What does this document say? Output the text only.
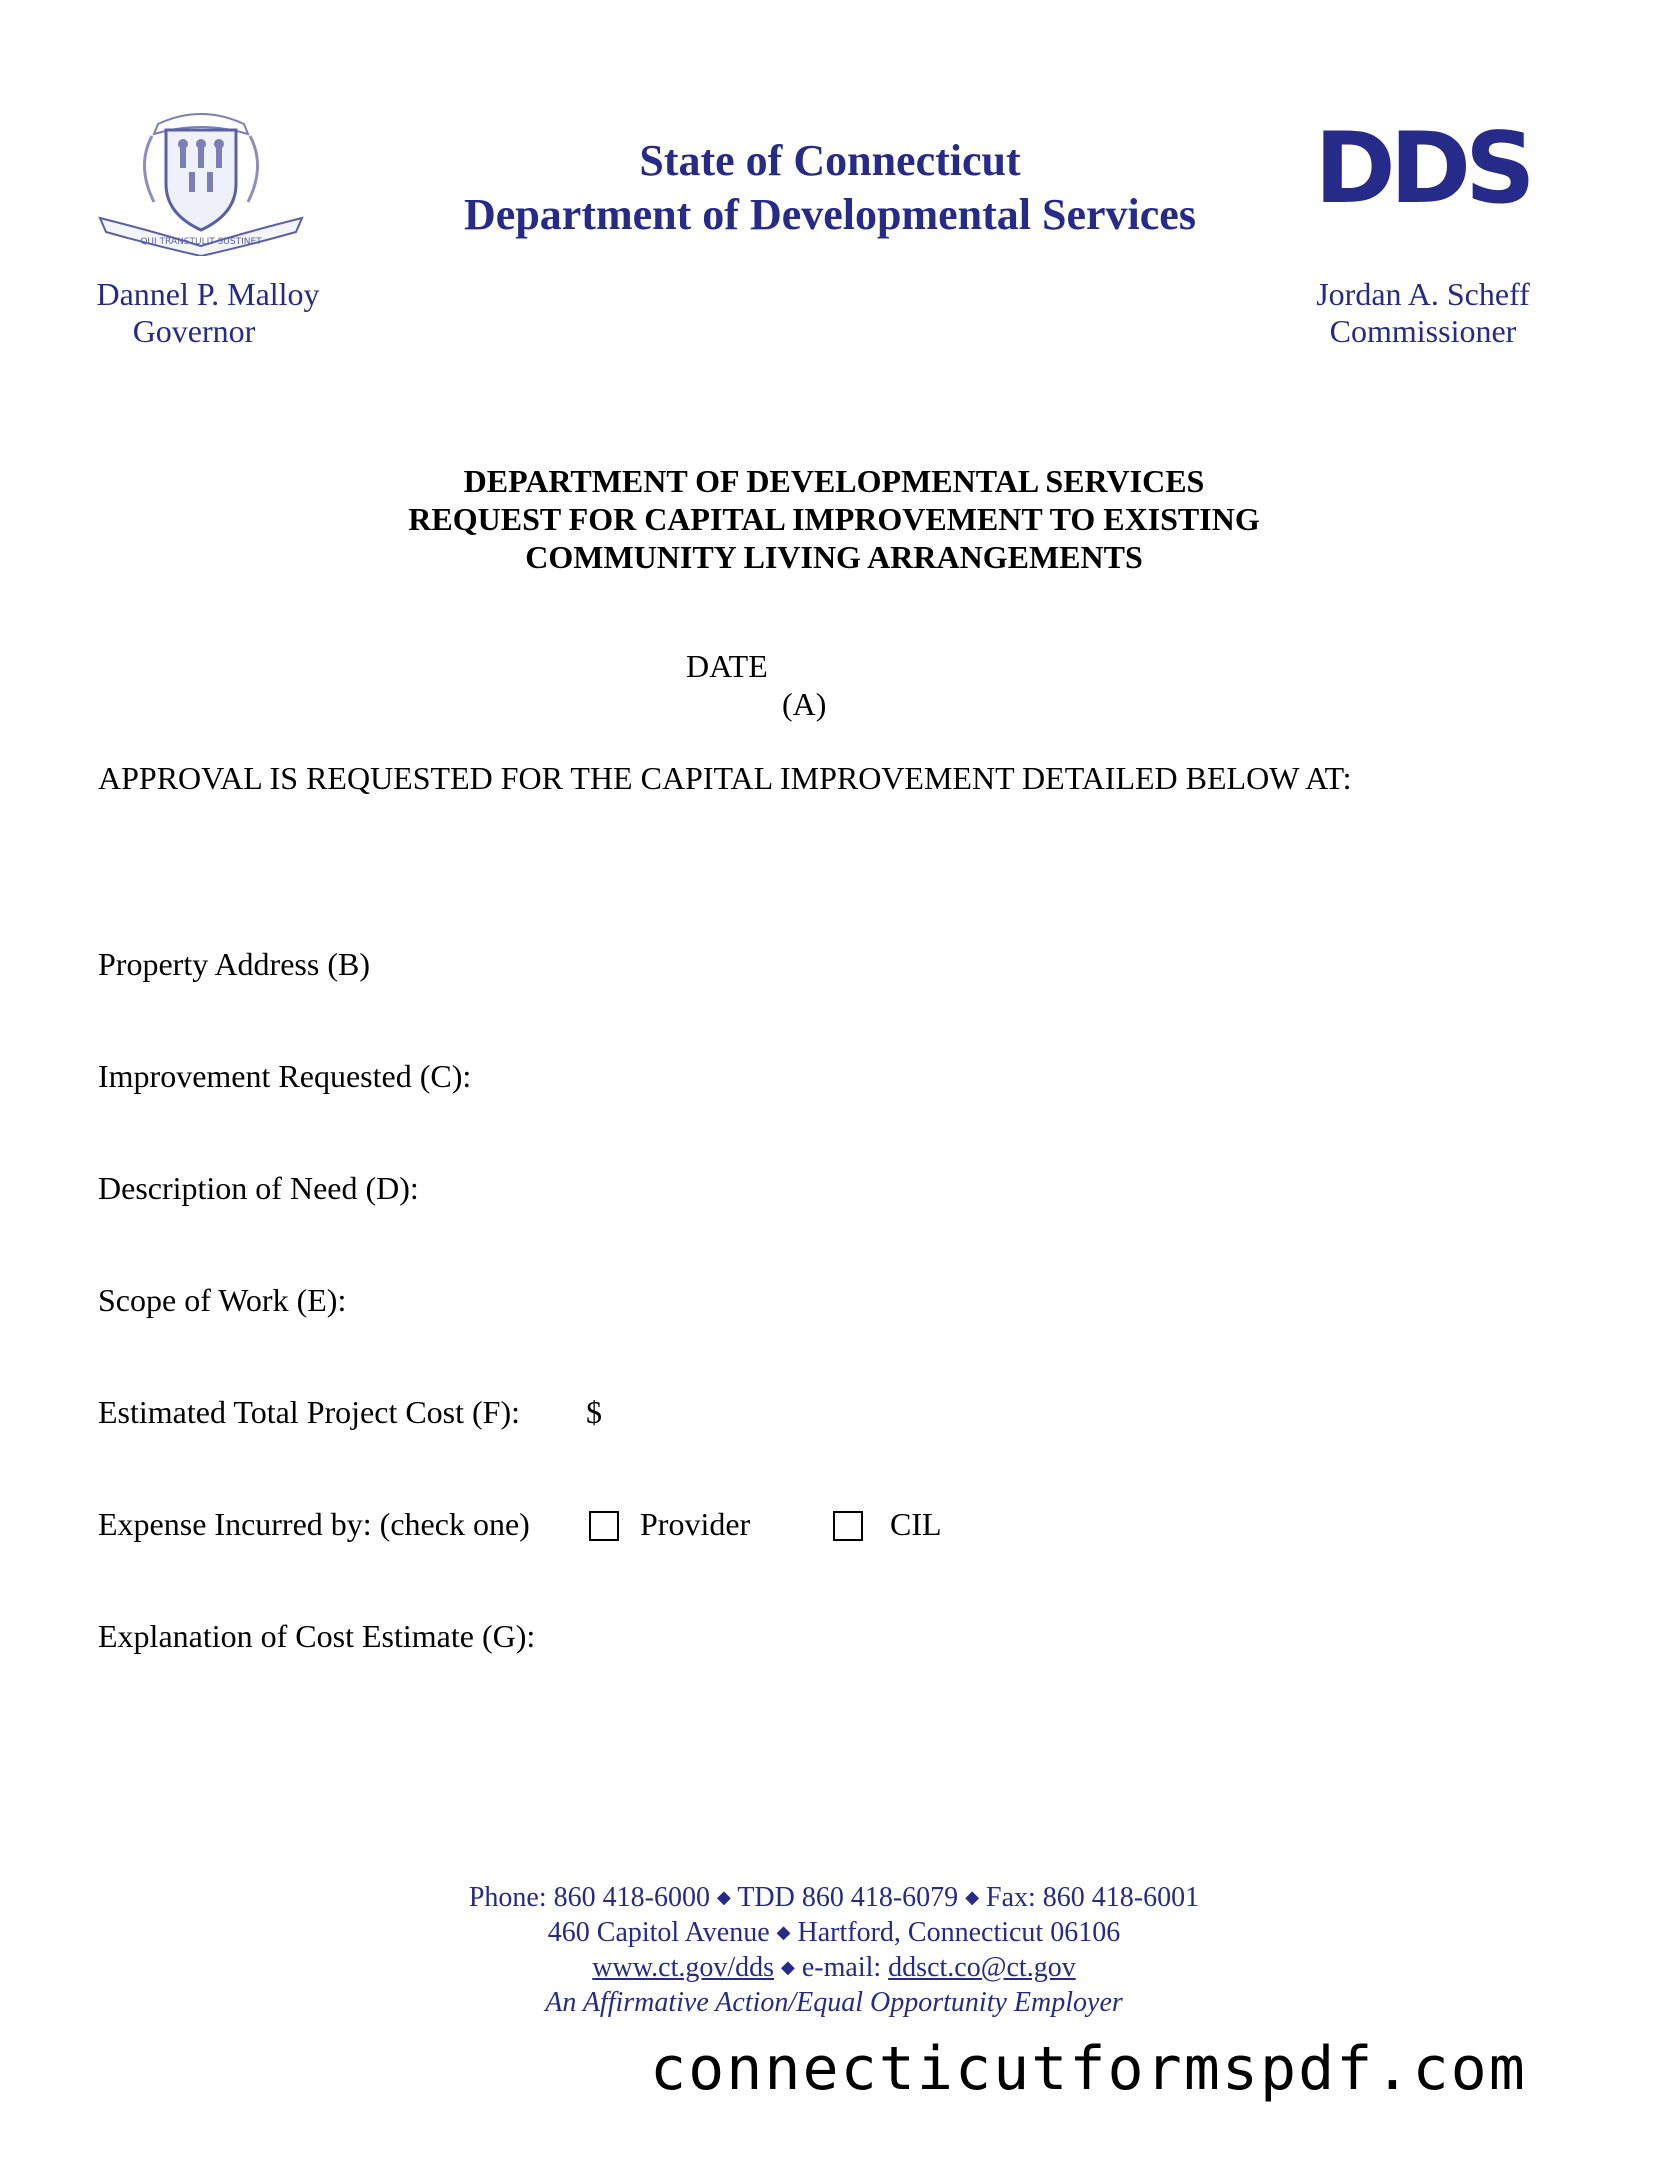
QUI TRANSTULIT SUSTINET
State of Connecticut
Department of Developmental Services DDS
Dannel P. Malloy
Governor
Jordan A. Scheff
Commissioner
DEPARTMENT OF DEVELOPMENTAL SERVICES
REQUEST FOR CAPITAL IMPROVEMENT TO EXISTING
COMMUNITY LIVING ARRANGEMENTS
DATE
(A)
APPROVAL IS REQUESTED FOR THE CAPITAL IMPROVEMENT DETAILED BELOW AT:
Property Address (B)
Improvement Requested (C):
Description of Need (D):
Scope of Work (E):
Estimated Total Project Cost (F): $
Expense Incurred by: (check one)	Provider	CIL
Explanation of Cost Estimate (G):
Phone: 860 418-6000 ◆ TDD 860 418-6079 ◆ Fax: 860 418-6001
460 Capitol Avenue ◆ Hartford, Connecticut 06106
www.ct.gov/dds ◆ e-mail: ddsct.co@ct.gov
An Affirmative Action/Equal Opportunity Employer
connecticutformspdf.com
